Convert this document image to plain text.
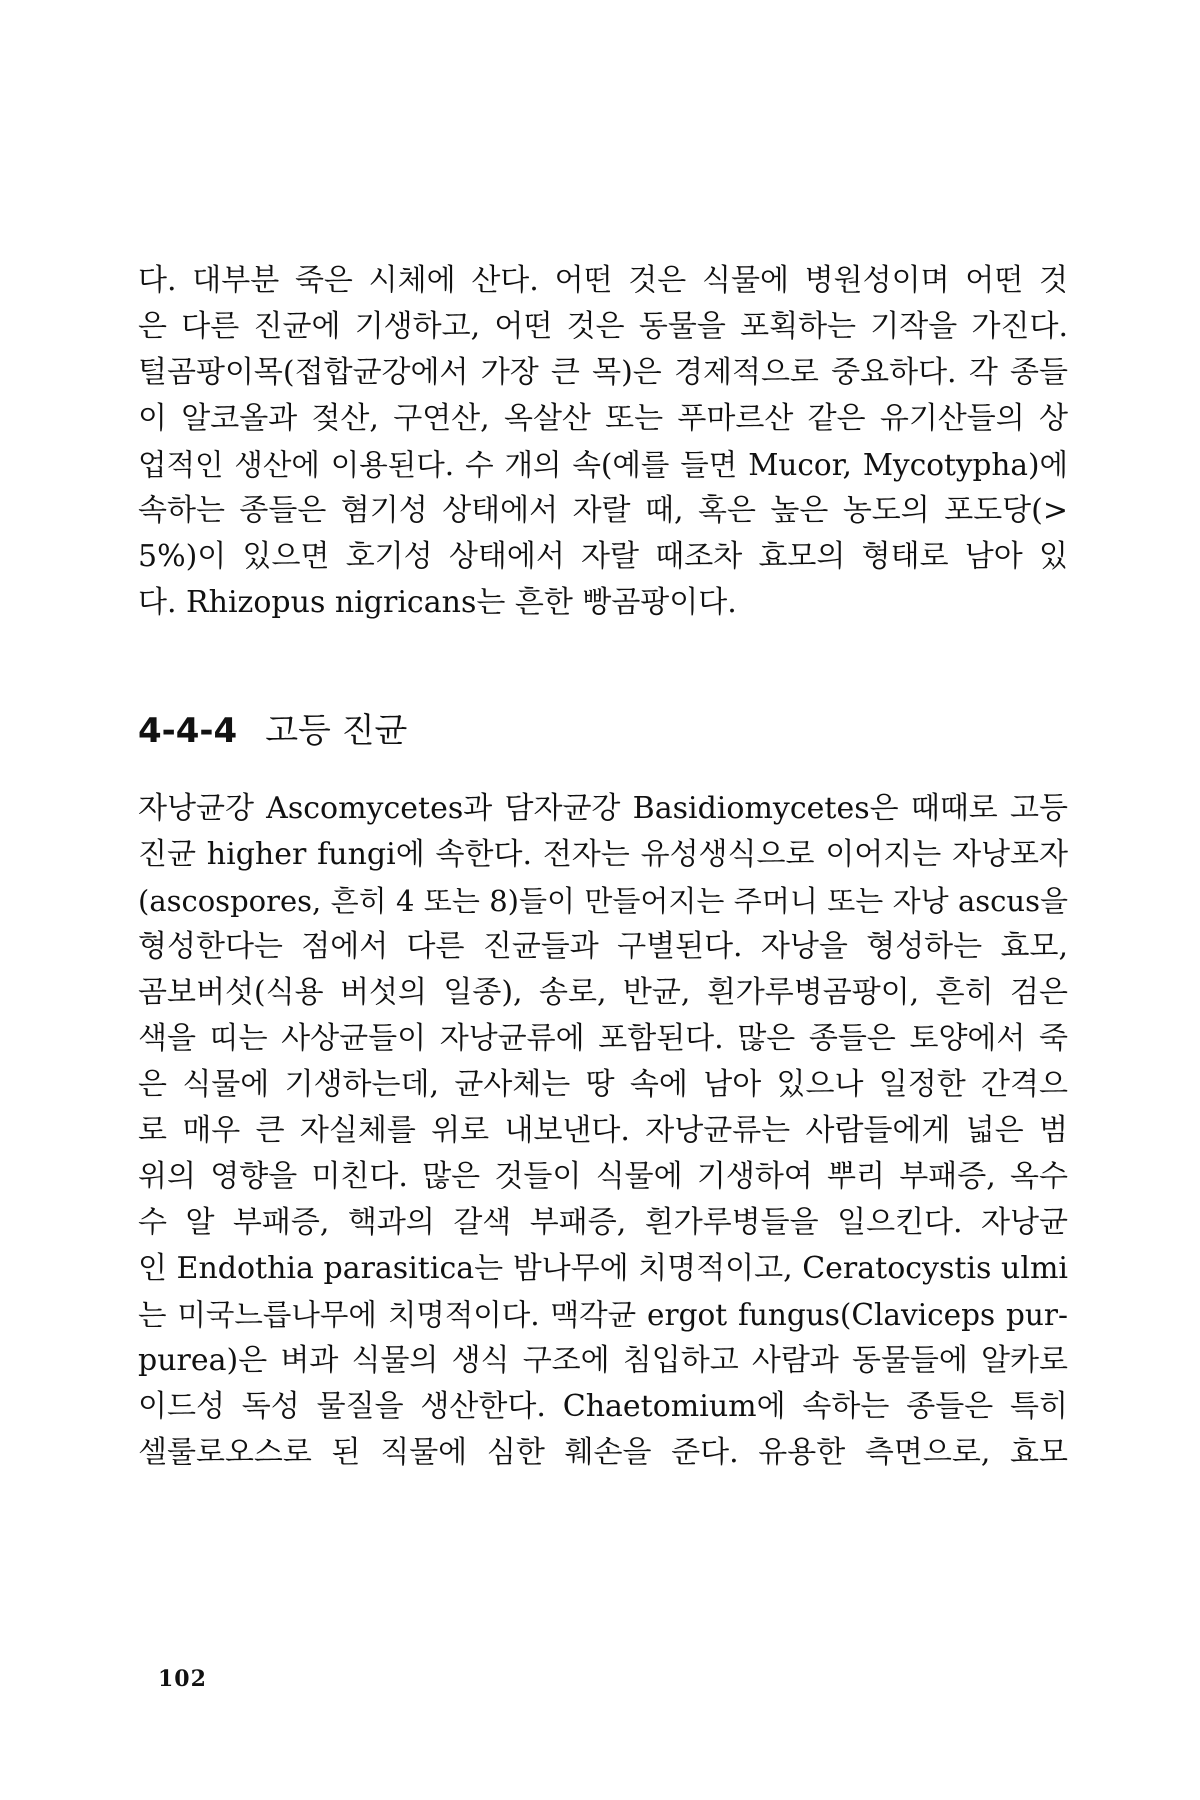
다. 대부분 죽은 시체에 산다. 어떤 것은 식물에 병원성이며 어떤 것
은 다른 진균에 기생하고, 어떤 것은 동물을 포획하는 기작을 가진다.
털곰팡이목(접합균강에서 가장 큰 목)은 경제적으로 중요하다. 각 종들
이 알코올과 젖산, 구연산, 옥살산 또는 푸마르산 같은 유기산들의 상
업적인 생산에 이용된다. 수 개의 속(예를 들면 Mucor, Mycotypha)에
속하는 종들은 혐기성 상태에서 자랄 때, 혹은 높은 농도의 포도당(>
5%)이 있으면 호기성 상태에서 자랄 때조차 효모의 형태로 남아 있
다. Rhizopus nigricans는 흔한 빵곰팡이다.
4-4-4 고등 진균
자낭균강 Ascomycetes과 담자균강 Basidiomycetes은 때때로 고등
진균 higher fungi에 속한다. 전자는 유성생식으로 이어지는 자낭포자
(ascospores, 흔히 4 또는 8)들이 만들어지는 주머니 또는 자낭 ascus을
형성한다는 점에서 다른 진균들과 구별된다. 자낭을 형성하는 효모,
곰보버섯(식용 버섯의 일종), 송로, 반균, 흰가루병곰팡이, 흔히 검은
색을 띠는 사상균들이 자낭균류에 포함된다. 많은 종들은 토양에서 죽
은 식물에 기생하는데, 균사체는 땅 속에 남아 있으나 일정한 간격으
로 매우 큰 자실체를 위로 내보낸다. 자낭균류는 사람들에게 넓은 범
위의 영향을 미친다. 많은 것들이 식물에 기생하여 뿌리 부패증, 옥수
수 알 부패증, 핵과의 갈색 부패증, 흰가루병들을 일으킨다. 자낭균
인 Endothia parasitica는 밤나무에 치명적이고, Ceratocystis ulmi
는 미국느릅나무에 치명적이다. 맥각균 ergot fungus(Claviceps pur-
purea)은 벼과 식물의 생식 구조에 침입하고 사람과 동물들에 알카로
이드성 독성 물질을 생산한다. Chaetomium에 속하는 종들은 특히
셀룰로오스로 된 직물에 심한 훼손을 준다. 유용한 측면으로, 효모
102
